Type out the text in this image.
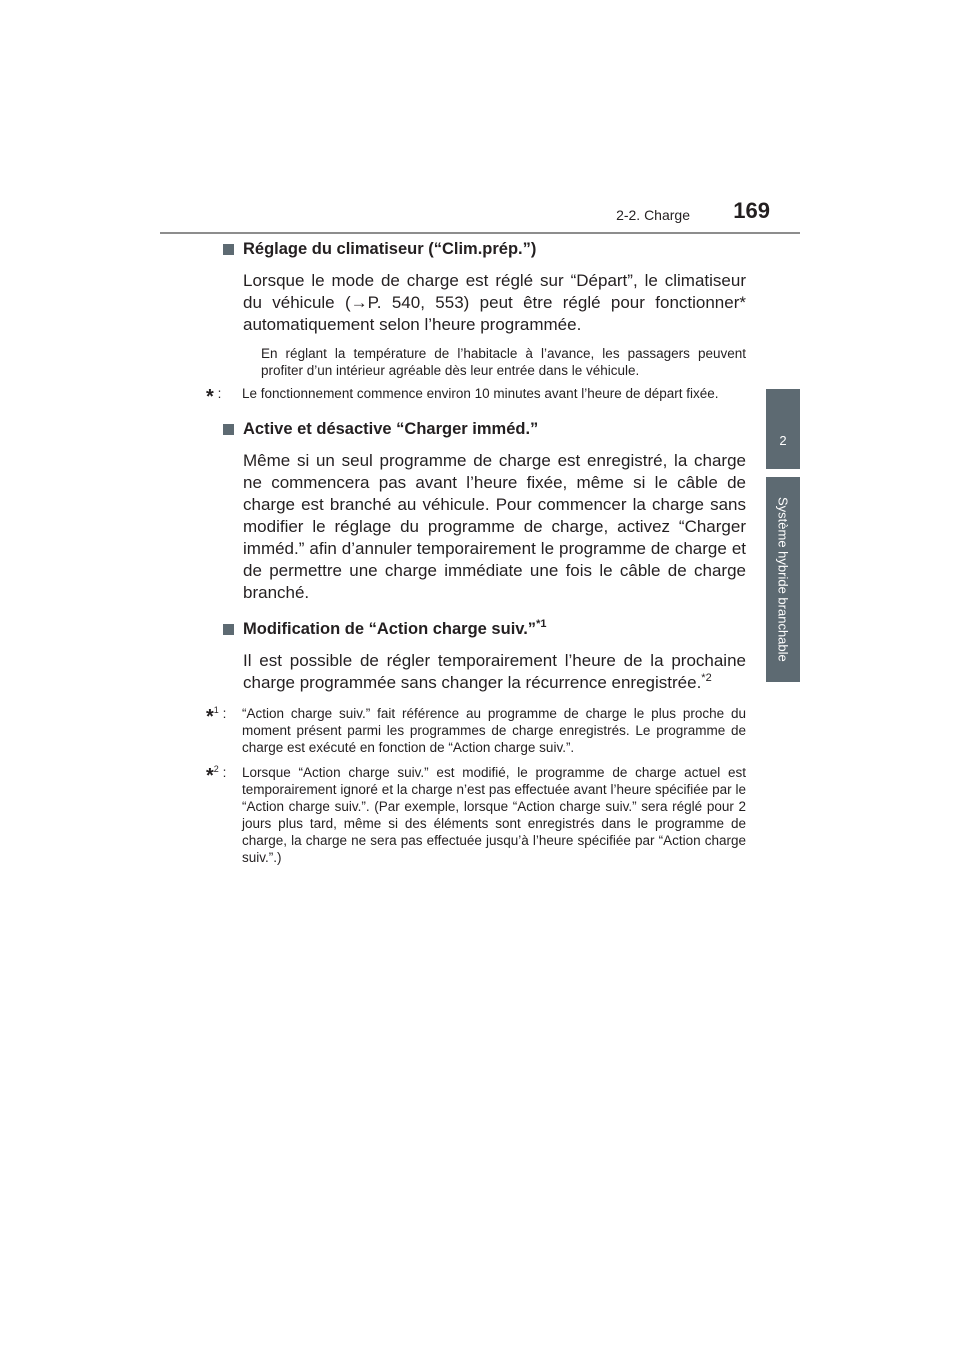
2-2. Charge	169
2
Système hybride branchable

Réglage du climatiseur (“Clim.prép.”)

Lorsque le mode de charge est réglé sur “Départ”, le climatiseur du véhicule (→P. 540, 553) peut être réglé pour fonctionner* automatiquement selon l’heure programmée.

En réglant la température de l’habitacle à l’avance, les passagers peuvent profiter d’un intérieur agréable dès leur entrée dans le véhicule.

* :	Le fonctionnement commence environ 10 minutes avant l’heure de départ fixée.

Active et désactive “Charger imméd.”

Même si un seul programme de charge est enregistré, la charge ne commencera pas avant l’heure fixée, même si le câble de charge est branché au véhicule. Pour commencer la charge sans modifier le réglage du programme de charge, activez “Charger imméd.” afin d’annuler temporairement le programme de charge et de permettre une charge immédiate une fois le câble de charge branché.

Modification de “Action charge suiv.”$^{*1}$

Il est possible de régler temporairement l’heure de la prochaine charge programmée sans changer la récurrence enregistrée.$^{*2}$

*$^1$ :	“Action charge suiv.” fait référence au programme de charge le plus proche du moment présent parmi les programmes de charge enregistrés. Le programme de charge est exécuté en fonction de “Action charge suiv.”.

*$^2$ :	Lorsque “Action charge suiv.” est modifié, le programme de charge actuel est temporairement ignoré et la charge n’est pas effectuée avant l’heure spécifiée par le “Action charge suiv.”. (Par exemple, lorsque “Action charge suiv.” sera réglé pour 2 jours plus tard, même si des éléments sont enregistrés dans le programme de charge, la charge ne sera pas effectuée jusqu’à l’heure spécifiée par “Action charge suiv.”.)
